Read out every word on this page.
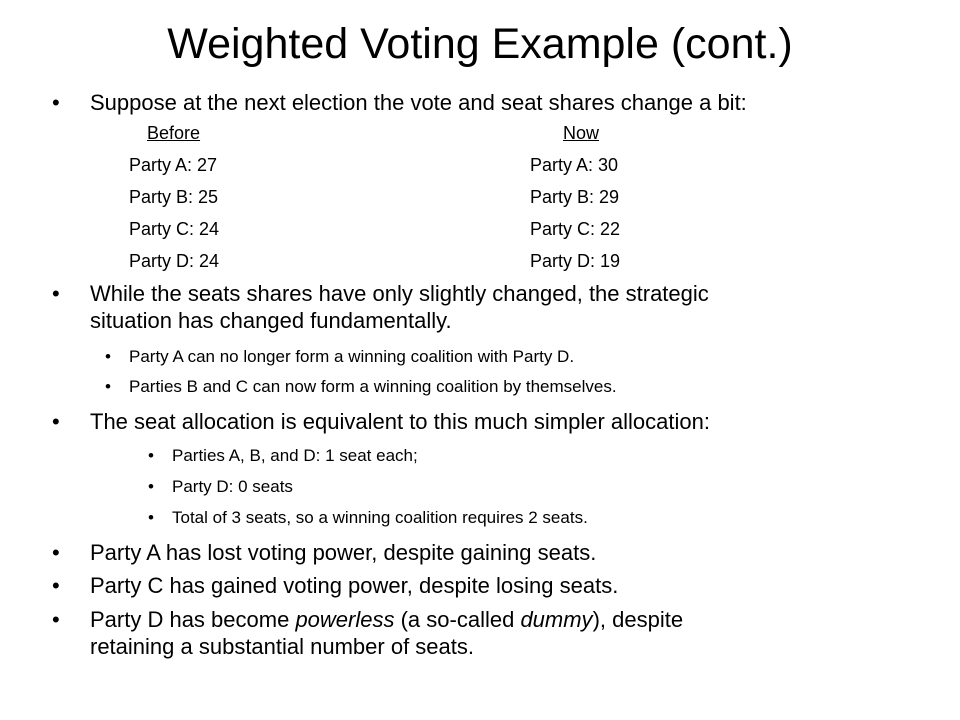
Weighted Voting Example (cont.)
• Suppose at the next election the vote and seat shares change a bit:
Before	Now
Party A: 27
Party B: 25
Party C: 24
Party D: 24
Party A: 30
Party B: 29
Party C: 22
Party D: 19
• While the seats shares have only slightly changed, the strategic
situation has changed fundamentally.
• Party A can no longer form a winning coalition with Party D.
• Parties B and C can now form a winning coalition by themselves.
• The seat allocation is equivalent to this much simpler allocation:
• Parties A, B, and D: 1 seat each;
• Party D: 0 seats
• Total of 3 seats, so a winning coalition requires 2 seats.
• Party A has lost voting power, despite gaining seats.
• Party C has gained voting power, despite losing seats.
• Party D has become powerless (a so-called dummy), despite
retaining a substantial number of seats.
